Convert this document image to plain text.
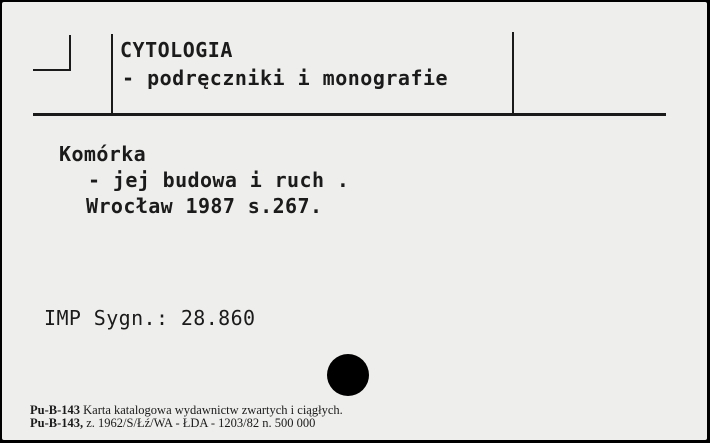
CYTOLOGIA
- podręczniki i monografie
Komórka
- jej budowa i ruch .
Wrocław 1987 s.267.
IMP Sygn.: 28.860
Pu-B-143 Karta katalogowa wydawnictw zwartych i ciągłych.
Pu-B-143, z. 1962/S/Łź/WA - ŁDA - 1203/82 n. 500 000
